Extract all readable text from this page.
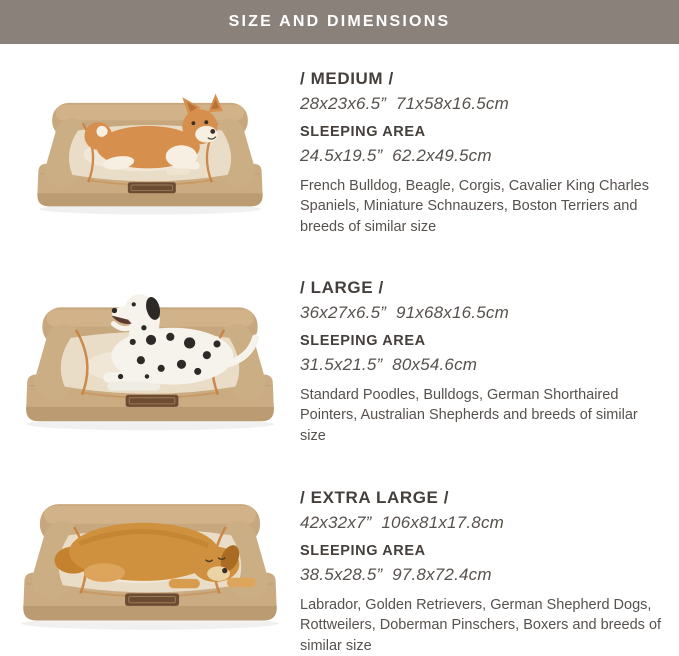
SIZE AND DIMENSIONS
/ MEDIUM /

28x23x6.5”  71x58x16.5cm

SLEEPING AREA

24.5x19.5”  62.2x49.5cm

French Bulldog, Beagle, Corgis, Cavalier King Charles Spaniels, Miniature Schnauzers, Boston Terriers and breeds of similar size

/ LARGE /

36x27x6.5”  91x68x16.5cm

SLEEPING AREA

31.5x21.5”  80x54.6cm

Standard Poodles, Bulldogs, German Shorthaired Pointers, Australian Shepherds and breeds of similar size

/ EXTRA LARGE /

42x32x7”  106x81x17.8cm

SLEEPING AREA

38.5x28.5”  97.8x72.4cm

Labrador, Golden Retrievers, German Shepherd Dogs, Rottweilers, Doberman Pinschers, Boxers and breeds of similar size
